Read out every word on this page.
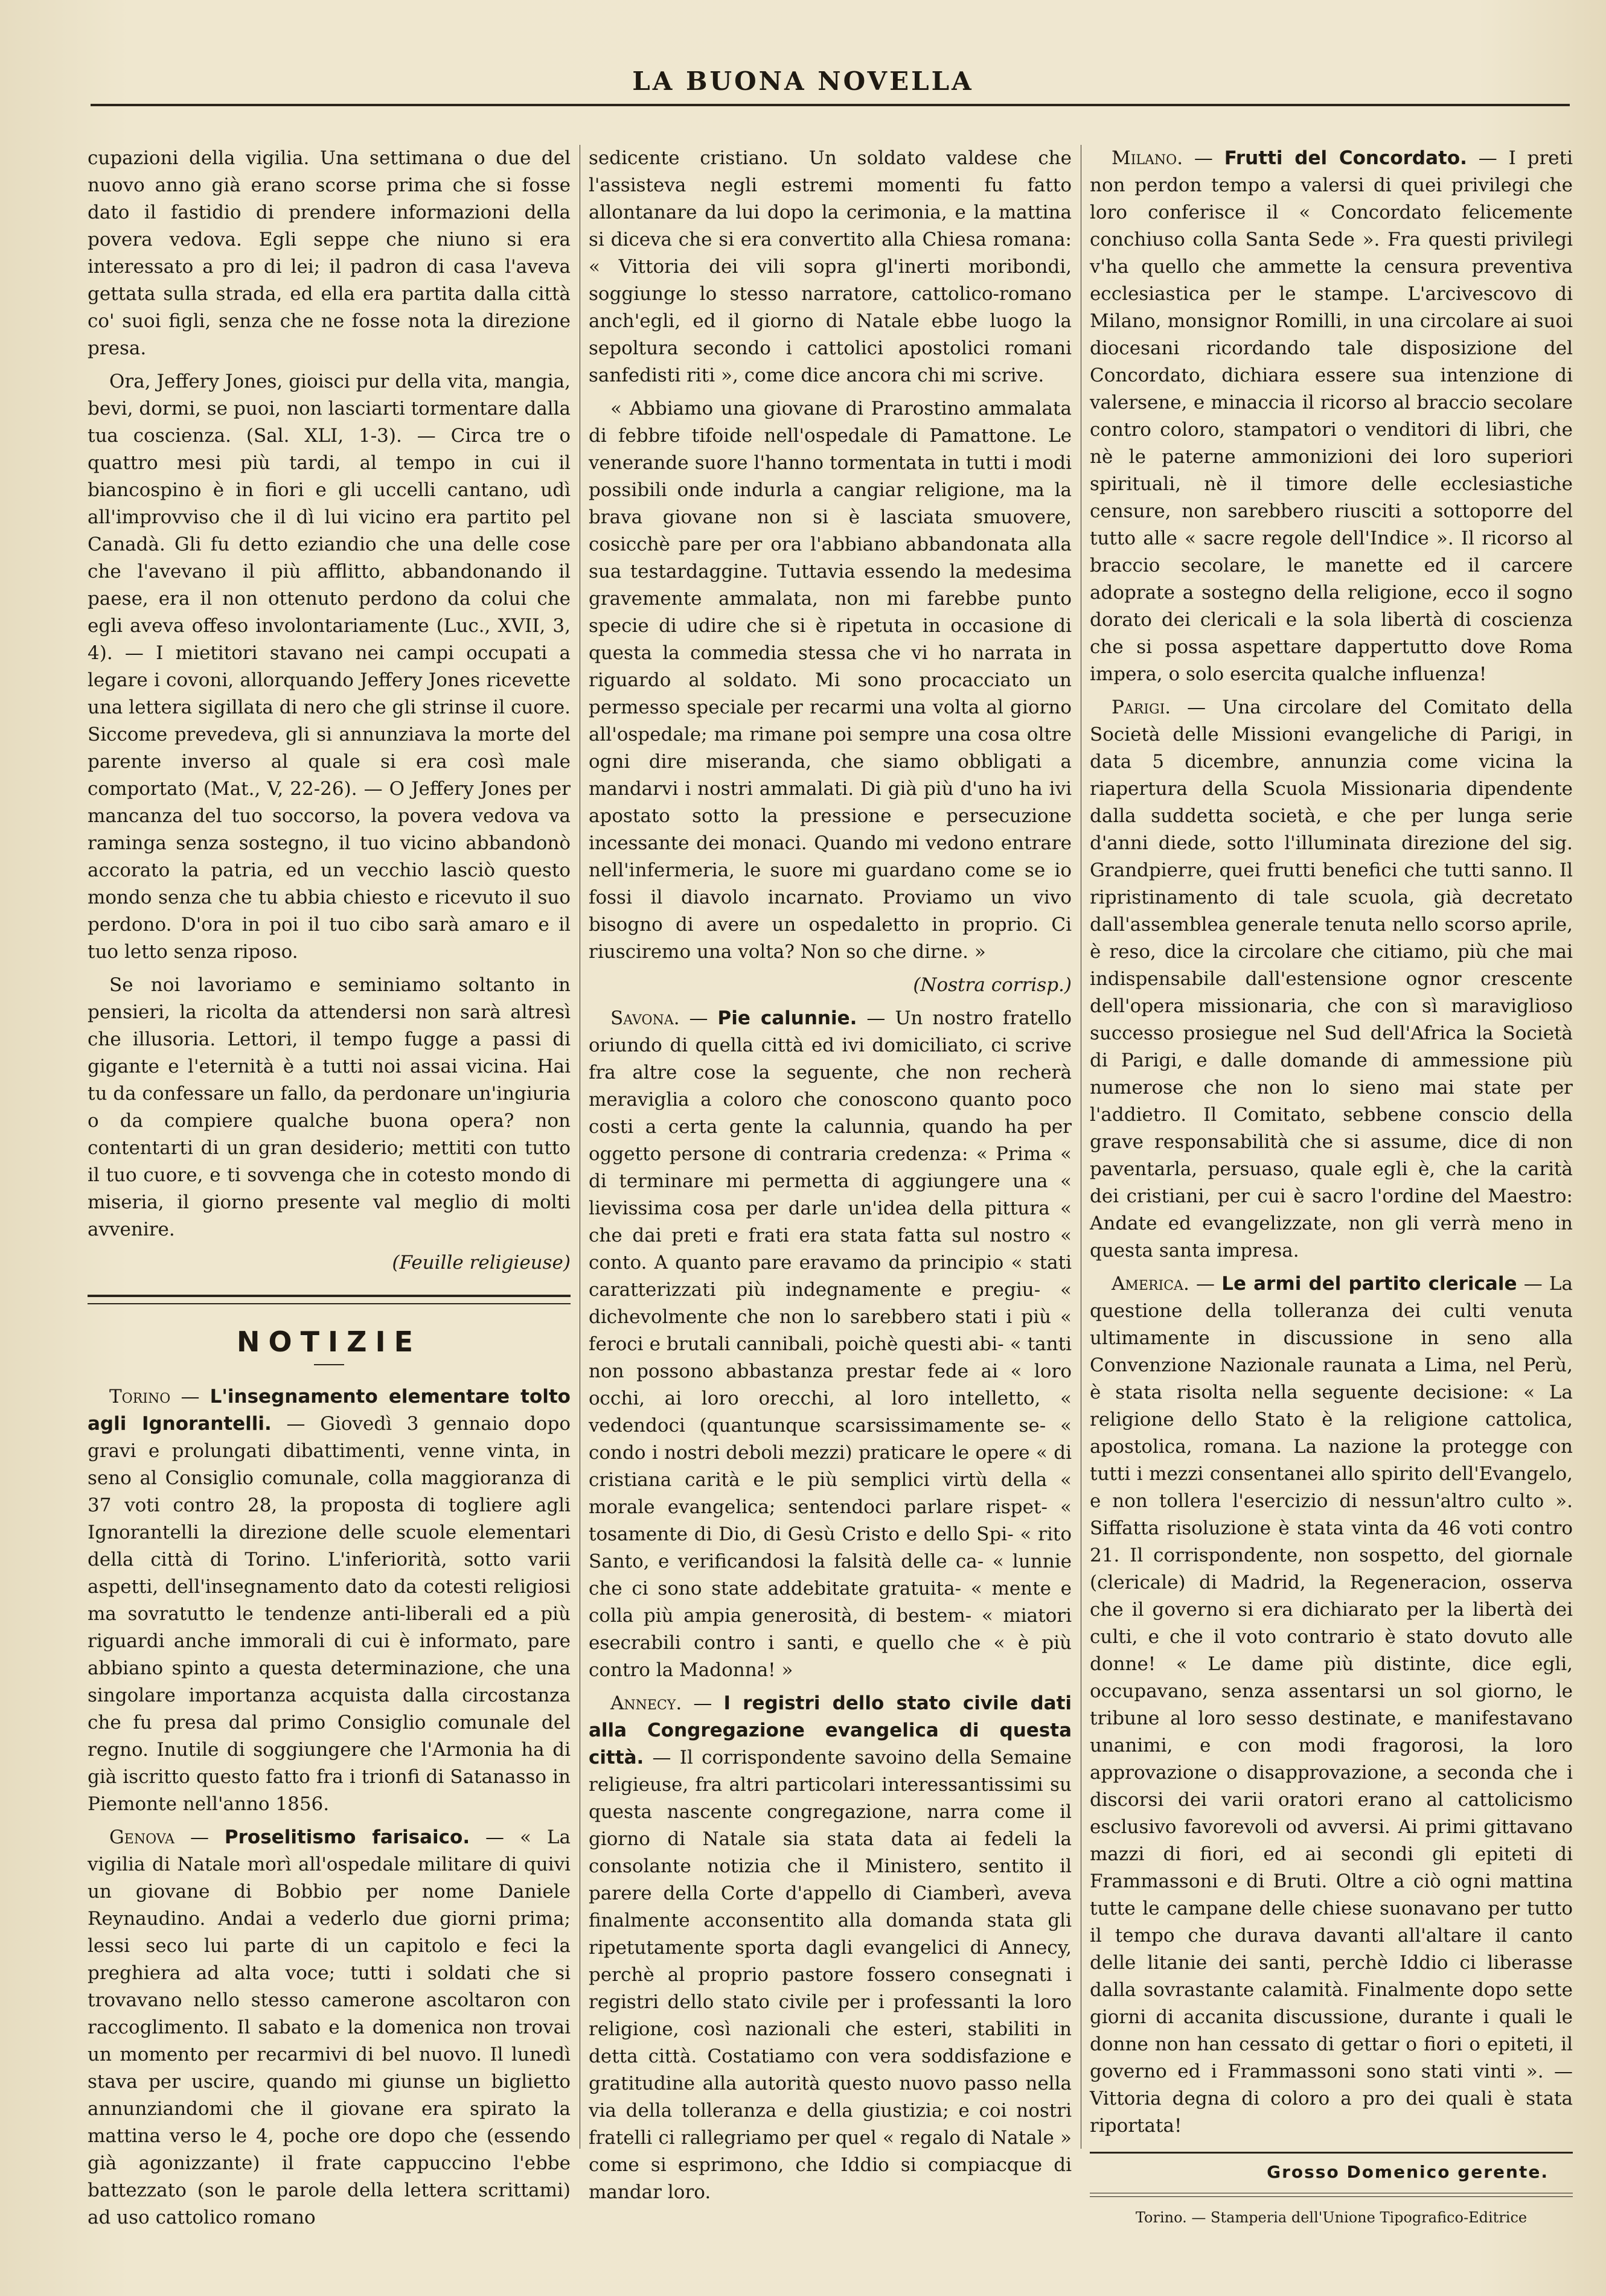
LA BUONA NOVELLA

cupazioni della vigilia. Una settimana o due del nuovo anno già erano scorse prima che si fosse dato il fastidio di prendere informazioni della povera vedova. Egli seppe che niuno si era interessato a pro di lei; il padron di casa l'aveva gettata sulla strada, ed ella era partita dalla città co' suoi figli, senza che ne fosse nota la direzione presa.

Ora, Jeffery Jones, gioisci pur della vita, mangia, bevi, dormi, se puoi, non lasciarti tormentare dalla tua coscienza. (Sal. XLI, 1-3). — Circa tre o quattro mesi più tardi, al tempo in cui il biancospino è in fiori e gli uccelli cantano, udì all'improvviso che il dì lui vicino era partito pel Canadà. Gli fu detto eziandio che una delle cose che l'avevano il più afflitto, abbandonando il paese, era il non ottenuto perdono da colui che egli aveva offeso involontariamente (Luc., XVII, 3, 4). — I mietitori stavano nei campi occupati a legare i covoni, allorquando Jeffery Jones ricevette una lettera sigillata di nero che gli strinse il cuore. Siccome prevedeva, gli si annunziava la morte del parente inverso al quale si era così male comportato (Mat., V, 22-26). — O Jeffery Jones per mancanza del tuo soccorso, la povera vedova va raminga senza sostegno, il tuo vicino abbandonò accorato la patria, ed un vecchio lasciò questo mondo senza che tu abbia chiesto e ricevuto il suo perdono. D'ora in poi il tuo cibo sarà amaro e il tuo letto senza riposo.

Se noi lavoriamo e seminiamo soltanto in pensieri, la ricolta da attendersi non sarà altresì che illusoria. Lettori, il tempo fugge a passi di gigante e l'eternità è a tutti noi assai vicina. Hai tu da confessare un fallo, da perdonare un'ingiuria o da compiere qualche buona opera? non contentarti di un gran desiderio; mettiti con tutto il tuo cuore, e ti sovvenga che in cotesto mondo di miseria, il giorno presente val meglio di molti avvenire.

(Feuille religieuse)

NOTIZIE

Torino — L'insegnamento elementare tolto agli Ignorantelli. — Giovedì 3 gennaio dopo gravi e prolungati dibattimenti, venne vinta, in seno al Consiglio comunale, colla maggioranza di 37 voti contro 28, la proposta di togliere agli Ignorantelli la direzione delle scuole elementari della città di Torino. L'inferiorità, sotto varii aspetti, dell'insegnamento dato da cotesti religiosi ma sovratutto le tendenze anti-liberali ed a più riguardi anche immorali di cui è informato, pare abbiano spinto a questa determinazione, che una singolare importanza acquista dalla circostanza che fu presa dal primo Consiglio comunale del regno. Inutile di soggiungere che l'Armonia ha di già iscritto questo fatto fra i trionfi di Satanasso in Piemonte nell'anno 1856.

Genova — Proselitismo farisaico. — « La vigilia di Natale morì all'ospedale militare di quivi un giovane di Bobbio per nome Daniele Reynaudino. Andai a vederlo due giorni prima; lessi seco lui parte di un capitolo e feci la preghiera ad alta voce; tutti i soldati che si trovavano nello stesso camerone ascoltaron con raccoglimento. Il sabato e la domenica non trovai un momento per recarmivi di bel nuovo. Il lunedì stava per uscire, quando mi giunse un biglietto annunziandomi che il giovane era spirato la mattina verso le 4, poche ore dopo che (essendo già agonizzante) il frate cappuccino l'ebbe battezzato (son le parole della lettera scrittami) ad uso cattolico romano

sedicente cristiano. Un soldato valdese che l'assisteva negli estremi momenti fu fatto allontanare da lui dopo la cerimonia, e la mattina si diceva che si era convertito alla Chiesa romana: « Vittoria dei vili sopra gl'inerti moribondi, soggiunge lo stesso narratore, cattolico-romano anch'egli, ed il giorno di Natale ebbe luogo la sepoltura secondo i cattolici apostolici romani sanfedisti riti », come dice ancora chi mi scrive.

« Abbiamo una giovane di Prarostino ammalata di febbre tifoide nell'ospedale di Pamattone. Le venerande suore l'hanno tormentata in tutti i modi possibili onde indurla a cangiar religione, ma la brava giovane non si è lasciata smuovere, cosicchè pare per ora l'abbiano abbandonata alla sua testardaggine. Tuttavia essendo la medesima gravemente ammalata, non mi farebbe punto specie di udire che si è ripetuta in occasione di questa la commedia stessa che vi ho narrata in riguardo al soldato. Mi sono procacciato un permesso speciale per recarmi una volta al giorno all'ospedale; ma rimane poi sempre una cosa oltre ogni dire miseranda, che siamo obbligati a mandarvi i nostri ammalati. Di già più d'uno ha ivi apostato sotto la pressione e persecuzione incessante dei monaci. Quando mi vedono entrare nell'infermeria, le suore mi guardano come se io fossi il diavolo incarnato. Proviamo un vivo bisogno di avere un ospedaletto in proprio. Ci riusciremo una volta? Non so che dirne. »

(Nostra corrisp.)

Savona. — Pie calunnie. — Un nostro fratello oriundo di quella città ed ivi domiciliato, ci scrive fra altre cose la seguente, che non recherà meraviglia a coloro che conoscono quanto poco costi a certa gente la calunnia, quando ha per oggetto persone di contraria credenza: « Prima « di terminare mi permetta di aggiungere una « lievissima cosa per darle un'idea della pittura « che dai preti e frati era stata fatta sul nostro « conto. A quanto pare eravamo da principio « stati caratterizzati più indegnamente e pregiu- « dichevolmente che non lo sarebbero stati i più « feroci e brutali cannibali, poichè questi abi- « tanti non possono abbastanza prestar fede ai « loro occhi, ai loro orecchi, al loro intelletto, « vedendoci (quantunque scarsissimamente se- « condo i nostri deboli mezzi) praticare le opere « di cristiana carità e le più semplici virtù della « morale evangelica; sentendoci parlare rispet- « tosamente di Dio, di Gesù Cristo e dello Spi- « rito Santo, e verificandosi la falsità delle ca- « lunnie che ci sono state addebitate gratuita- « mente e colla più ampia generosità, di bestem- « miatori esecrabili contro i santi, e quello che « è più contro la Madonna! »

Annecy. — I registri dello stato civile dati alla Congregazione evangelica di questa città. — Il corrispondente savoino della Semaine religieuse, fra altri particolari interessantissimi su questa nascente congregazione, narra come il giorno di Natale sia stata data ai fedeli la consolante notizia che il Ministero, sentito il parere della Corte d'appello di Ciamberì, aveva finalmente acconsentito alla domanda stata gli ripetutamente sporta dagli evangelici di Annecy, perchè al proprio pastore fossero consegnati i registri dello stato civile per i professanti la loro religione, così nazionali che esteri, stabiliti in detta città. Costatiamo con vera soddisfazione e gratitudine alla autorità questo nuovo passo nella via della tolleranza e della giustizia; e coi nostri fratelli ci rallegriamo per quel « regalo di Natale » come si esprimono, che Iddio si compiacque di mandar loro.

Milano. — Frutti del Concordato. — I preti non perdon tempo a valersi di quei privilegi che loro conferisce il « Concordato felicemente conchiuso colla Santa Sede ». Fra questi privilegi v'ha quello che ammette la censura preventiva ecclesiastica per le stampe. L'arcivescovo di Milano, monsignor Romilli, in una circolare ai suoi diocesani ricordando tale disposizione del Concordato, dichiara essere sua intenzione di valersene, e minaccia il ricorso al braccio secolare contro coloro, stampatori o venditori di libri, che nè le paterne ammonizioni dei loro superiori spirituali, nè il timore delle ecclesiastiche censure, non sarebbero riusciti a sottoporre del tutto alle « sacre regole dell'Indice ». Il ricorso al braccio secolare, le manette ed il carcere adoprate a sostegno della religione, ecco il sogno dorato dei clericali e la sola libertà di coscienza che si possa aspettare dappertutto dove Roma impera, o solo esercita qualche influenza!

Parigi. — Una circolare del Comitato della Società delle Missioni evangeliche di Parigi, in data 5 dicembre, annunzia come vicina la riapertura della Scuola Missionaria dipendente dalla suddetta società, e che per lunga serie d'anni diede, sotto l'illuminata direzione del sig. Grandpierre, quei frutti benefici che tutti sanno. Il ripristinamento di tale scuola, già decretato dall'assemblea generale tenuta nello scorso aprile, è reso, dice la circolare che citiamo, più che mai indispensabile dall'estensione ognor crescente dell'opera missionaria, che con sì maraviglioso successo prosiegue nel Sud dell'Africa la Società di Parigi, e dalle domande di ammessione più numerose che non lo sieno mai state per l'addietro. Il Comitato, sebbene conscio della grave responsabilità che si assume, dice di non paventarla, persuaso, quale egli è, che la carità dei cristiani, per cui è sacro l'ordine del Maestro: Andate ed evangelizzate, non gli verrà meno in questa santa impresa.

America. — Le armi del partito clericale — La questione della tolleranza dei culti venuta ultimamente in discussione in seno alla Convenzione Nazionale raunata a Lima, nel Perù, è stata risolta nella seguente decisione: « La religione dello Stato è la religione cattolica, apostolica, romana. La nazione la protegge con tutti i mezzi consentanei allo spirito dell'Evangelo, e non tollera l'esercizio di nessun'altro culto ». Siffatta risoluzione è stata vinta da 46 voti contro 21. Il corrispondente, non sospetto, del giornale (clericale) di Madrid, la Regeneracion, osserva che il governo si era dichiarato per la libertà dei culti, e che il voto contrario è stato dovuto alle donne! « Le dame più distinte, dice egli, occupavano, senza assentarsi un sol giorno, le tribune al loro sesso destinate, e manifestavano unanimi, e con modi fragorosi, la loro approvazione o disapprovazione, a seconda che i discorsi dei varii oratori erano al cattolicismo esclusivo favorevoli od avversi. Ai primi gittavano mazzi di fiori, ed ai secondi gli epiteti di Frammassoni e di Bruti. Oltre a ciò ogni mattina tutte le campane delle chiese suonavano per tutto il tempo che durava davanti all'altare il canto delle litanie dei santi, perchè Iddio ci liberasse dalla sovrastante calamità. Finalmente dopo sette giorni di accanita discussione, durante i quali le donne non han cessato di gettar o fiori o epiteti, il governo ed i Frammassoni sono stati vinti ». — Vittoria degna di coloro a pro dei quali è stata riportata!

Grosso Domenico gerente.
Torino. — Stamperia dell'Unione Tipografico-Editrice
